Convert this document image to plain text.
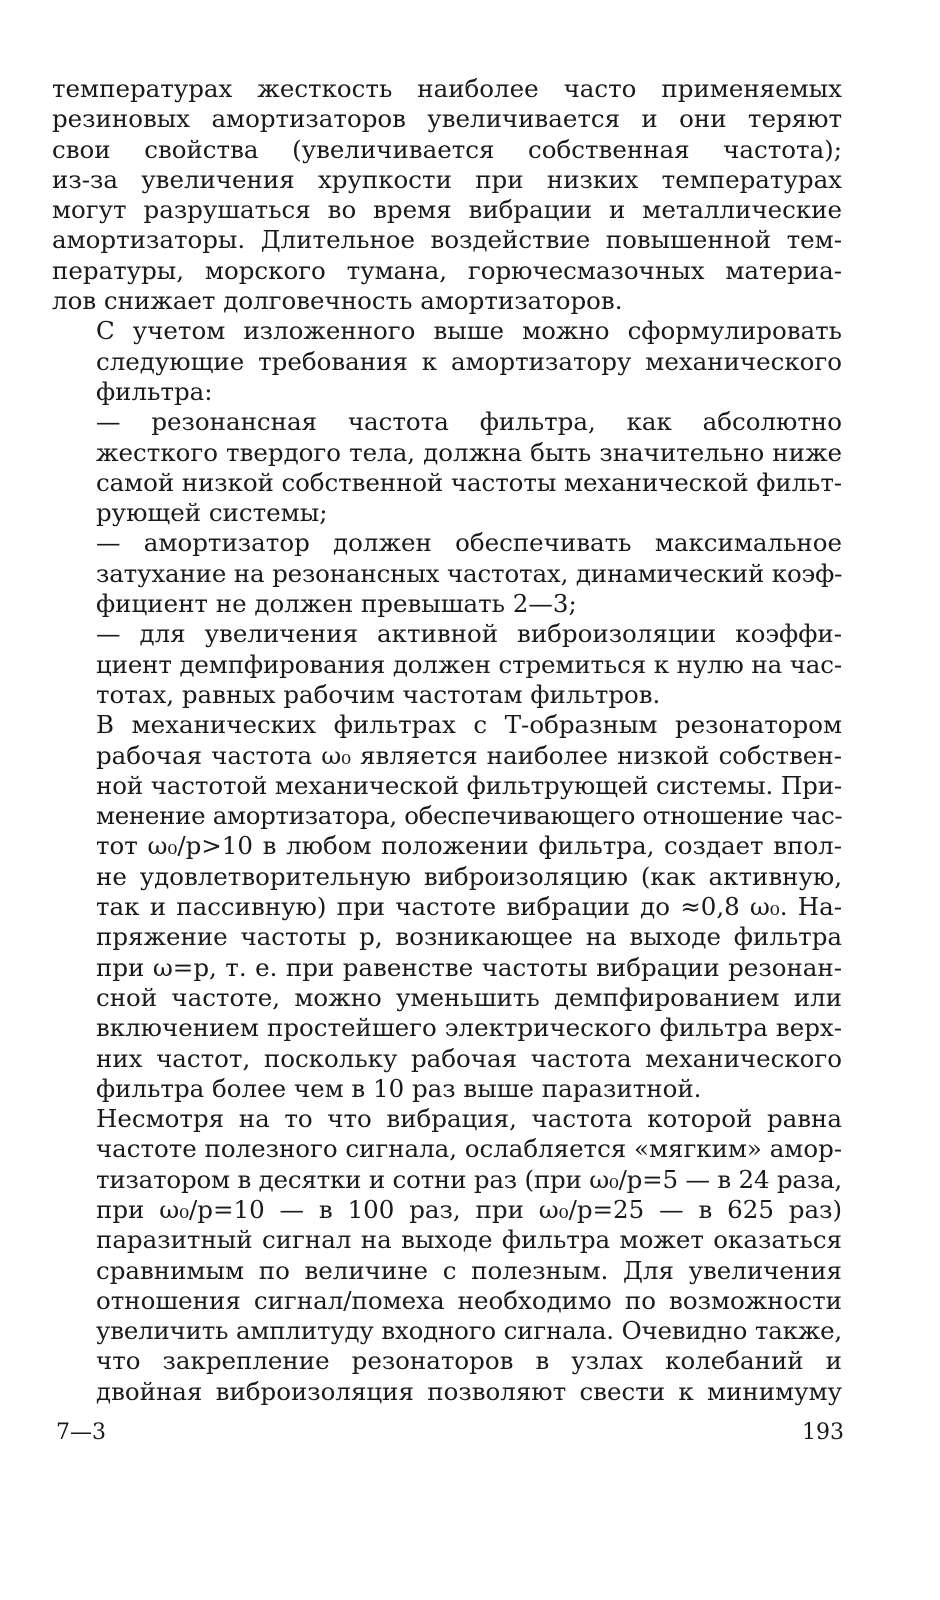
температурах жесткость наиболее часто применяемых
резиновых амортизаторов увеличивается и они теряют
свои свойства (увеличивается собственная частота);
из-за увеличения хрупкости при низких температурах
могут разрушаться во время вибрации и металлические
амортизаторы. Длительное воздействие повышенной тем-
пературы, морского тумана, горючесмазочных материа-
лов снижает долговечность амортизаторов.

С учетом изложенного выше можно сформулировать
следующие требования к амортизатору механического
фильтра:

— резонансная частота фильтра, как абсолютно
жесткого твердого тела, должна быть значительно ниже
самой низкой собственной частоты механической фильт-
рующей системы;

— амортизатор должен обеспечивать максимальное
затухание на резонансных частотах, динамический коэф-
фициент не должен превышать 2—3;

— для увеличения активной виброизоляции коэффи-
циент демпфирования должен стремиться к нулю на час-
тотах, равных рабочим частотам фильтров.

В механических фильтрах с Т-образным резонатором
рабочая частота ω₀ является наиболее низкой собствен-
ной частотой механической фильтрующей системы. При-
менение амортизатора, обеспечивающего отношение час-
тот ω₀/p>10 в любом положении фильтра, создает впол-
не удовлетворительную виброизоляцию (как активную,
так и пассивную) при частоте вибрации до ≈0,8 ω₀. На-
пряжение частоты p, возникающее на выходе фильтра
при ω=p, т. е. при равенстве частоты вибрации резонан-
сной частоте, можно уменьшить демпфированием или
включением простейшего электрического фильтра верх-
них частот, поскольку рабочая частота механического
фильтра более чем в 10 раз выше паразитной.

Несмотря на то что вибрация, частота которой равна
частоте полезного сигнала, ослабляется «мягким» амор-
тизатором в десятки и сотни раз (при ω₀/p=5 — в 24 раза,
при ω₀/p=10 — в 100 раз, при ω₀/p=25 — в 625 раз)
паразитный сигнал на выходе фильтра может оказаться
сравнимым по величине с полезным. Для увеличения
отношения сигнал/помеха необходимо по возможности
увеличить амплитуду входного сигнала. Очевидно также,
что закрепление резонаторов в узлах колебаний и
двойная виброизоляция позволяют свести к минимуму

7—3	193
